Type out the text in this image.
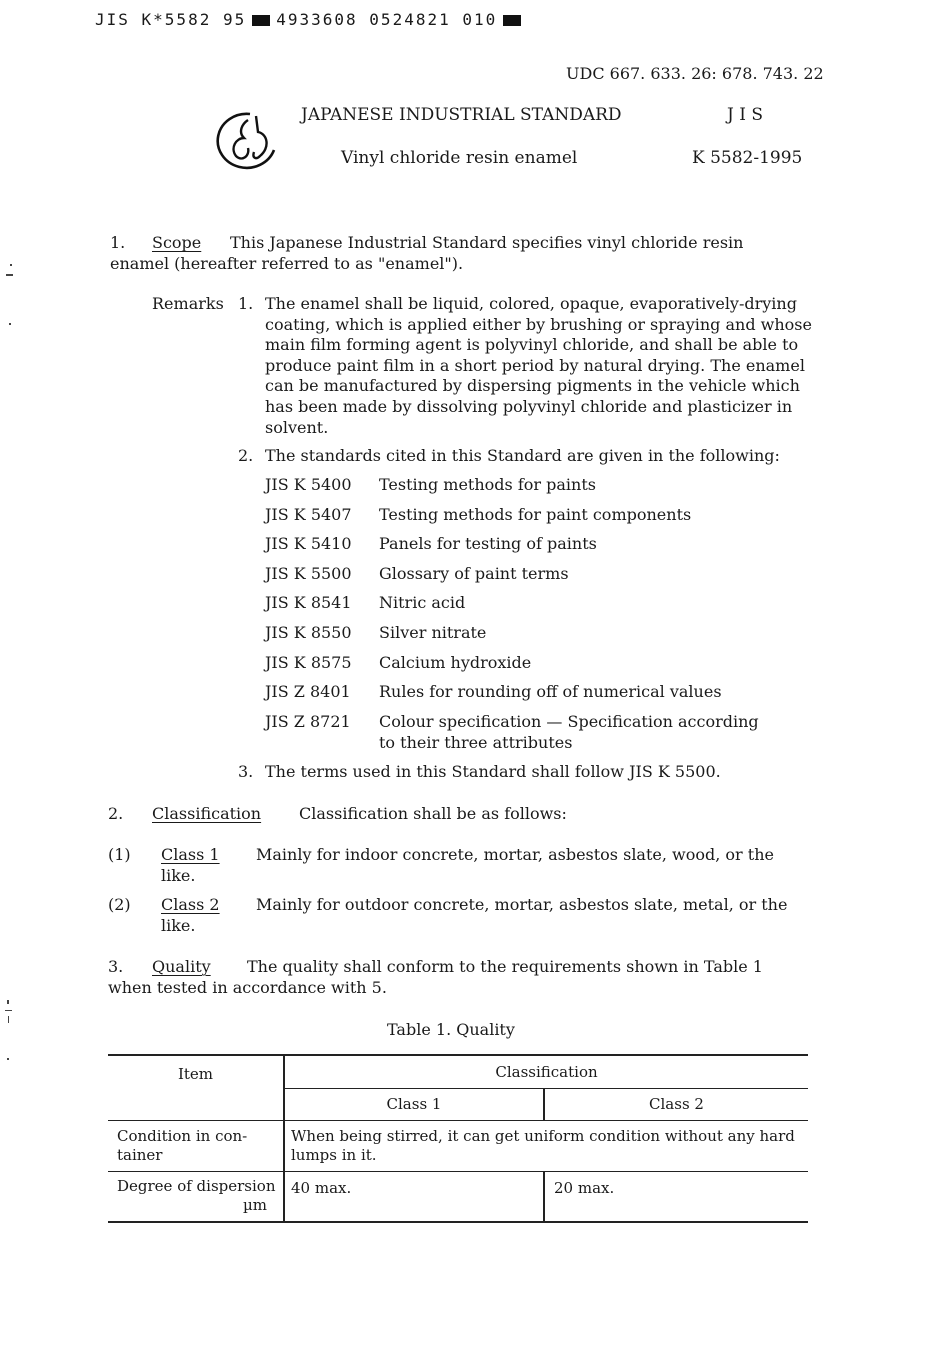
JIS K*5582 95 4933608 0524821 010
UDC 667. 633. 26: 678. 743. 22
JAPANESE INDUSTRIAL STANDARD	J I S
Vinyl chloride resin enamel	K 5582-1995
1. Scope This Japanese Industrial Standard specifies vinyl chloride resin
enamel (hereafter referred to as "enamel").
Remarks 1. The enamel shall be liquid, colored, opaque, evaporatively-drying coating, which is applied either by brushing or spraying and whose main film forming agent is polyvinyl chloride, and shall be able to produce paint film in a short period by natural drying. The enamel can be manufactured by dispersing pigments in the vehicle which has been made by dissolving polyvinyl chloride and plasticizer in solvent.
2. The standards cited in this Standard are given in the following:
JIS K 5400 Testing methods for paints
JIS K 5407 Testing methods for paint components
JIS K 5410 Panels for testing of paints
JIS K 5500 Glossary of paint terms
JIS K 8541 Nitric acid
JIS K 8550 Silver nitrate
JIS K 8575 Calcium hydroxide
JIS Z 8401 Rules for rounding off of numerical values
JIS Z 8721 Colour specification — Specification according
to their three attributes
3. The terms used in this Standard shall follow JIS K 5500.
2. Classification Classification shall be as follows:
(1) Class 1 Mainly for indoor concrete, mortar, asbestos slate, wood, or the
like.
(2) Class 2 Mainly for outdoor concrete, mortar, asbestos slate, metal, or the
like.
3. Quality The quality shall conform to the requirements shown in Table 1
when tested in accordance with 5.
Table 1. Quality
Item	Classification	
	Class 1	Class 2

Condition in con-
tainer	When being stirred, it can get uniform condition without any hard lumps in it.	

Degree of dispersion
µm	40 max.	20 max.
